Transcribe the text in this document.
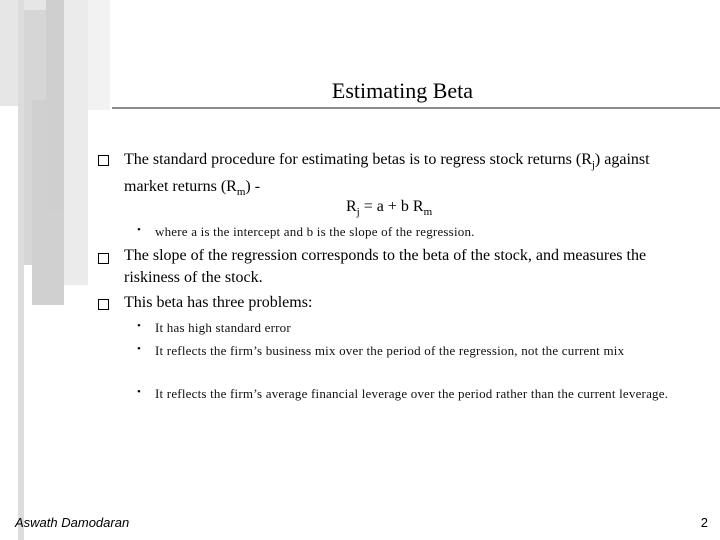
Estimating Beta
The standard procedure for estimating betas is to regress stock returns $(R_j)$ against market returns $(R_m)$ -
$R_j = a + b$ $R_m$
• where a is the intercept and b is the slope of the regression.
The slope of the regression corresponds to the beta of the stock, and measures the riskiness of the stock.
This beta has three problems:
• It has high standard error
• It reflects the firm’s business mix over the period of the regression, not the current mix
• It reflects the firm’s average financial leverage over the period rather than the current leverage.
Aswath Damodaran	2
